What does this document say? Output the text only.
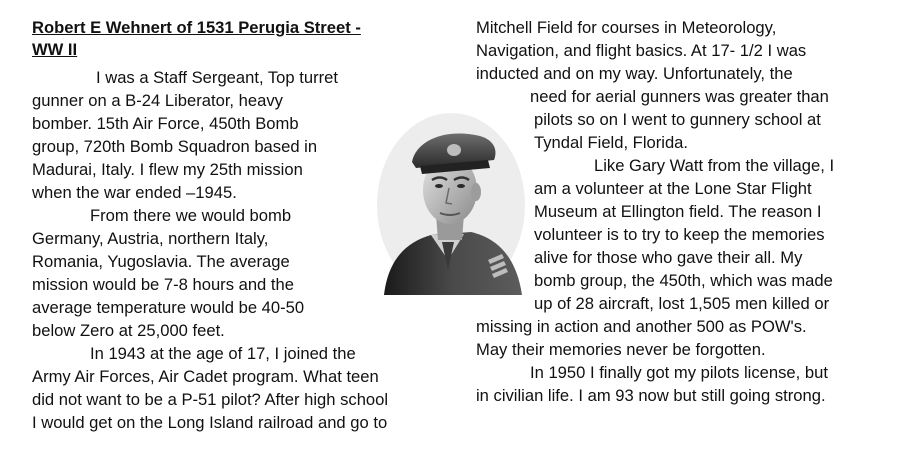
Robert E Wehnert of 1531 Perugia Street -
WW II
I was a Staff Sergeant, Top turret
gunner on a B-24 Liberator, heavy
bomber. 15th Air Force, 450th Bomb
group, 720th Bomb Squadron based in
Madurai, Italy. I flew my 25th mission
when the war ended –1945.
From there we would bomb
Germany, Austria, northern Italy,
Romania, Yugoslavia. The average
mission would be 7-8 hours and the
average temperature would be 40-50
below Zero at 25,000 feet.
In 1943 at the age of 17, I joined the
Army Air Forces, Air Cadet program. What teen
did not want to be a P-51 pilot? After high school
I would get on the Long Island railroad and go to
Mitchell Field for courses in Meteorology,
Navigation, and flight basics. At 17- 1/2 I was
inducted and on my way. Unfortunately, the
need for aerial gunners was greater than
pilots so on I went to gunnery school at
Tyndal Field, Florida.
Like Gary Watt from the village, I
am a volunteer at the Lone Star Flight
Museum at Ellington field. The reason I
volunteer is to try to keep the memories
alive for those who gave their all. My
bomb group, the 450th, which was made
up of 28 aircraft, lost 1,505 men killed or
missing in action and another 500 as POW's.
May their memories never be forgotten.
In 1950 I finally got my pilots license, but
in civilian life. I am 93 now but still going strong.
